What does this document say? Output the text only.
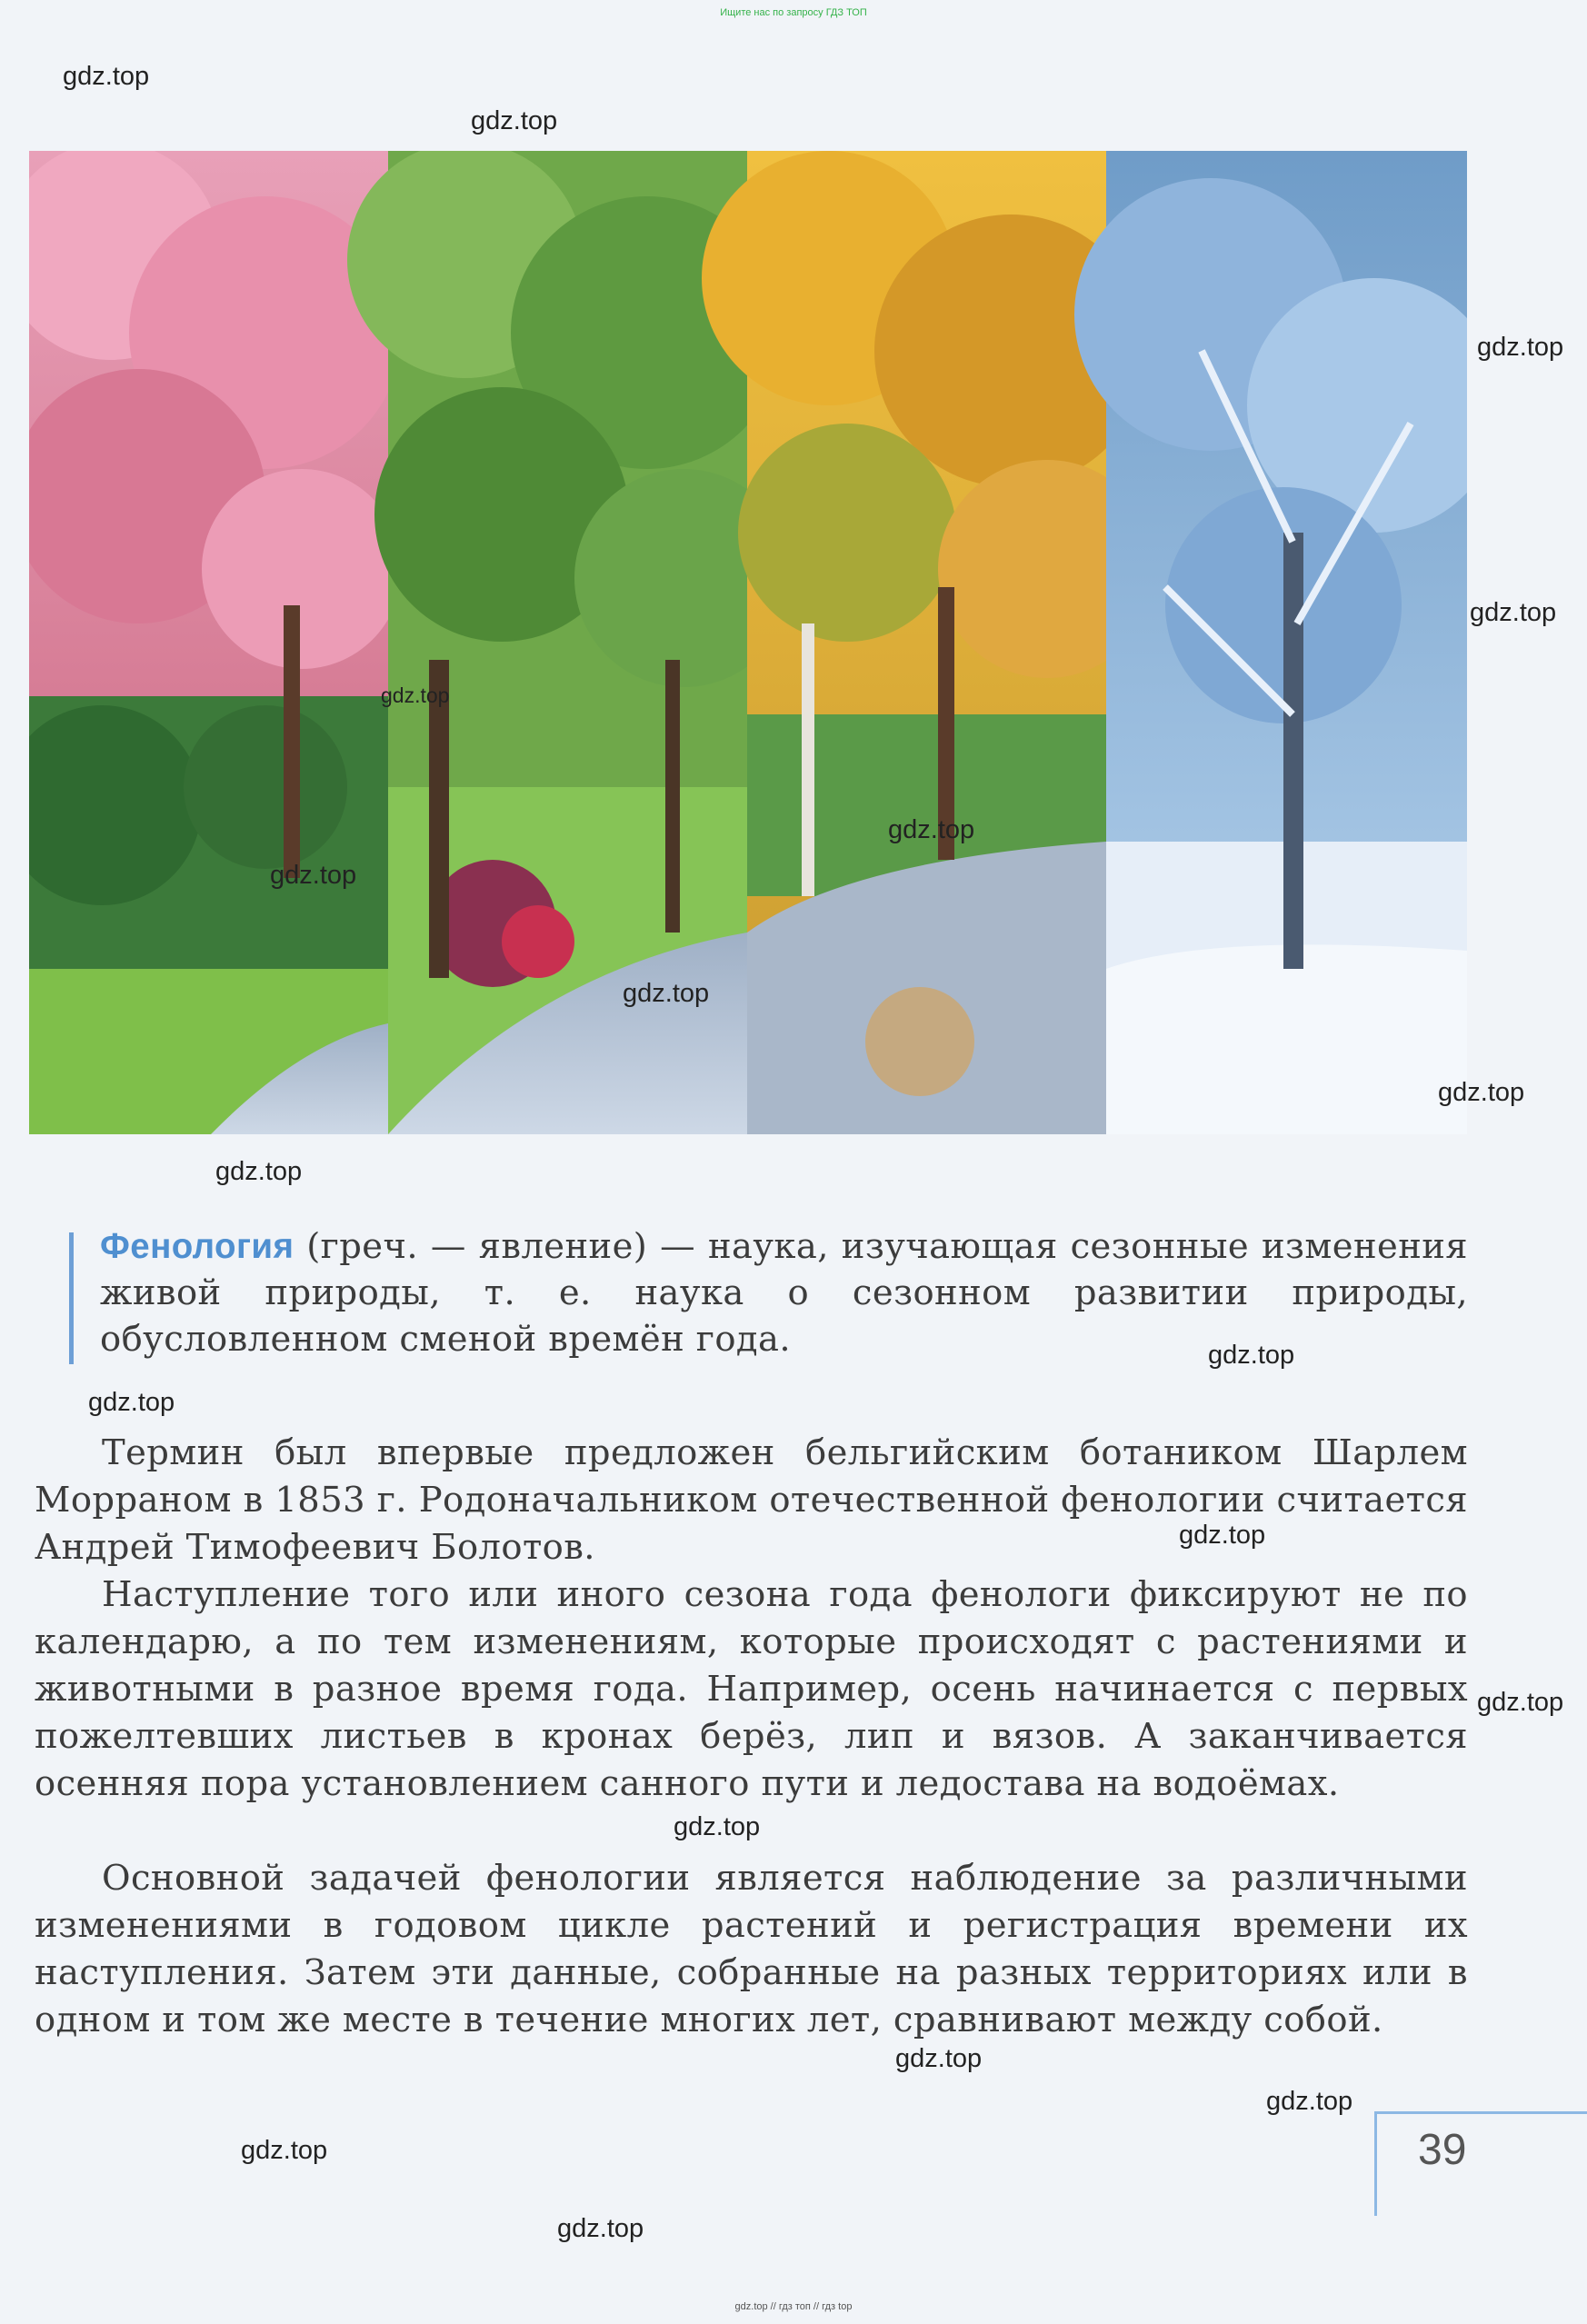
Ищите нас по запросу ГДЗ ТОП
Фенология (греч. — явление) — наука, изучающая сезонные изменения живой природы, т. е. наука о сезонном развитии природы, обусловленном сменой времён года.

Термин был впервые предложен бельгийским ботаником Шарлем Морраном в 1853 г. Родоначальником отечественной фенологии считается Андрей Тимофеевич Болотов.

Наступление того или иного сезона года фенологи фиксируют не по календарю, а по тем изменениям, которые происходят с растениями и животными в разное время года. Например, осень начинается с первых пожелтевших листьев в кронах берёз, лип и вязов. А заканчивается осенняя пора установлением санного пути и ледостава на водоёмах.

Основной задачей фенологии является наблюдение за различными изменениями в годовом цикле растений и регистрация времени их наступления. Затем эти данные, собранные на разных территориях или в одном и том же месте в течение многих лет, сравнивают между собой.

39
gdz.top
gdz.top
gdz.top
gdz.top
gdz.top
gdz.top
gdz.top
gdz.top
gdz.top
gdz.top
gdz.top
gdz.top
gdz.top
gdz.top
gdz.top
gdz.top
gdz.top
gdz.top
gdz.top
gdz.top // гдз топ // гдз top
